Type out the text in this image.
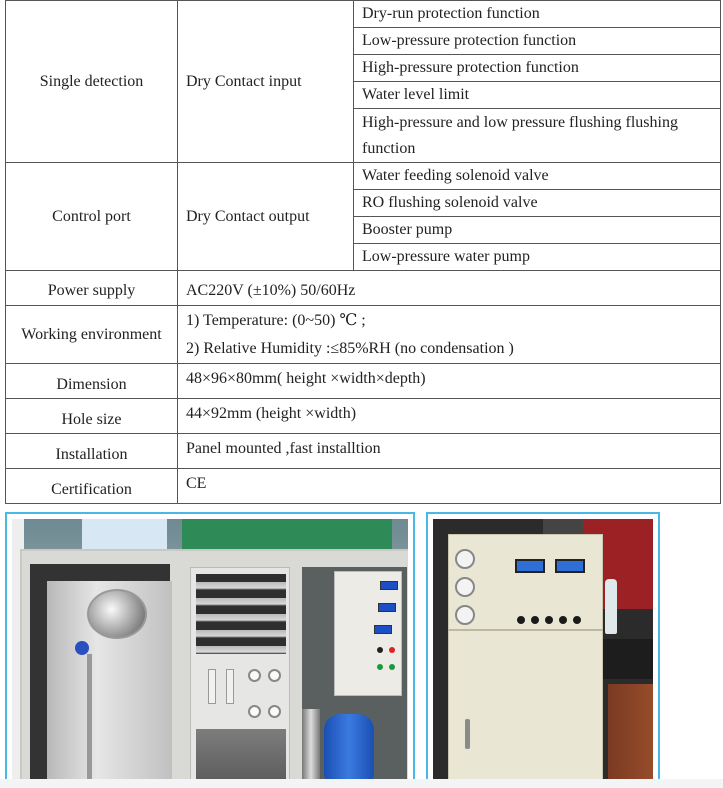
Single detection	Dry Contact input	Dry-run protection function
		Low-pressure protection function
		High-pressure protection function
		Water level limit
		High-pressure and low pressure flushing flushing function
Control port	Dry Contact output	Water feeding solenoid valve
		RO flushing solenoid valve
		Booster pump
		Low-pressure water pump
Power supply	AC220V (±10%) 50/60Hz	
Working environment	1) Temperature: (0~50) ℃ ;
2) Relative Humidity :≤85%RH (no condensation )	

Dimension	48×96×80mm( height ×width×depth)	
Hole size	44×92mm (height ×width)	
Installation	Panel mounted ,fast installtion	
Certification	CE	
